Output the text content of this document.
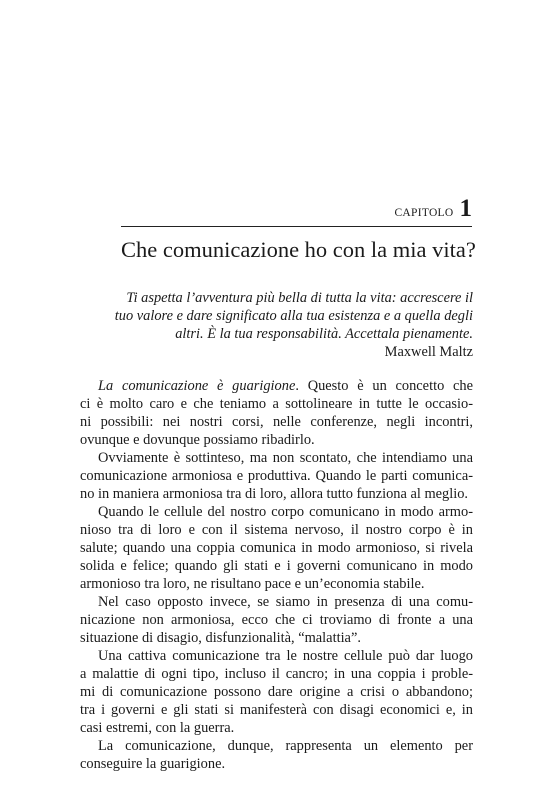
CAPITOLO 1
Che comunicazione ho con la mia vita?
Ti aspetta l’avventura più bella di tutta la vita: accrescere il
tuo valore e dare significato alla tua esistenza e a quella degli
altri. È la tua responsabilità. Accettala pienamente.
Maxwell Maltz
La comunicazione è guarigione. Questo è un concetto che
ci è molto caro e che teniamo a sottolineare in tutte le occasio-
ni possibili: nei nostri corsi, nelle conferenze, negli incontri,
ovunque e dovunque possiamo ribadirlo.
Ovviamente è sottinteso, ma non scontato, che intendiamo una
comunicazione armoniosa e produttiva. Quando le parti comunica-
no in maniera armoniosa tra di loro, allora tutto funziona al meglio.
Quando le cellule del nostro corpo comunicano in modo armo-
nioso tra di loro e con il sistema nervoso, il nostro corpo è in
salute; quando una coppia comunica in modo armonioso, si rivela
solida e felice; quando gli stati e i governi comunicano in modo
armonioso tra loro, ne risultano pace e un’economia stabile.
Nel caso opposto invece, se siamo in presenza di una comu-
nicazione non armoniosa, ecco che ci troviamo di fronte a una
situazione di disagio, disfunzionalità, “malattia”.
Una cattiva comunicazione tra le nostre cellule può dar luogo
a malattie di ogni tipo, incluso il cancro; in una coppia i proble-
mi di comunicazione possono dare origine a crisi o abbandono;
tra i governi e gli stati si manifesterà con disagi economici e, in
casi estremi, con la guerra.
La comunicazione, dunque, rappresenta un elemento per
conseguire la guarigione.
